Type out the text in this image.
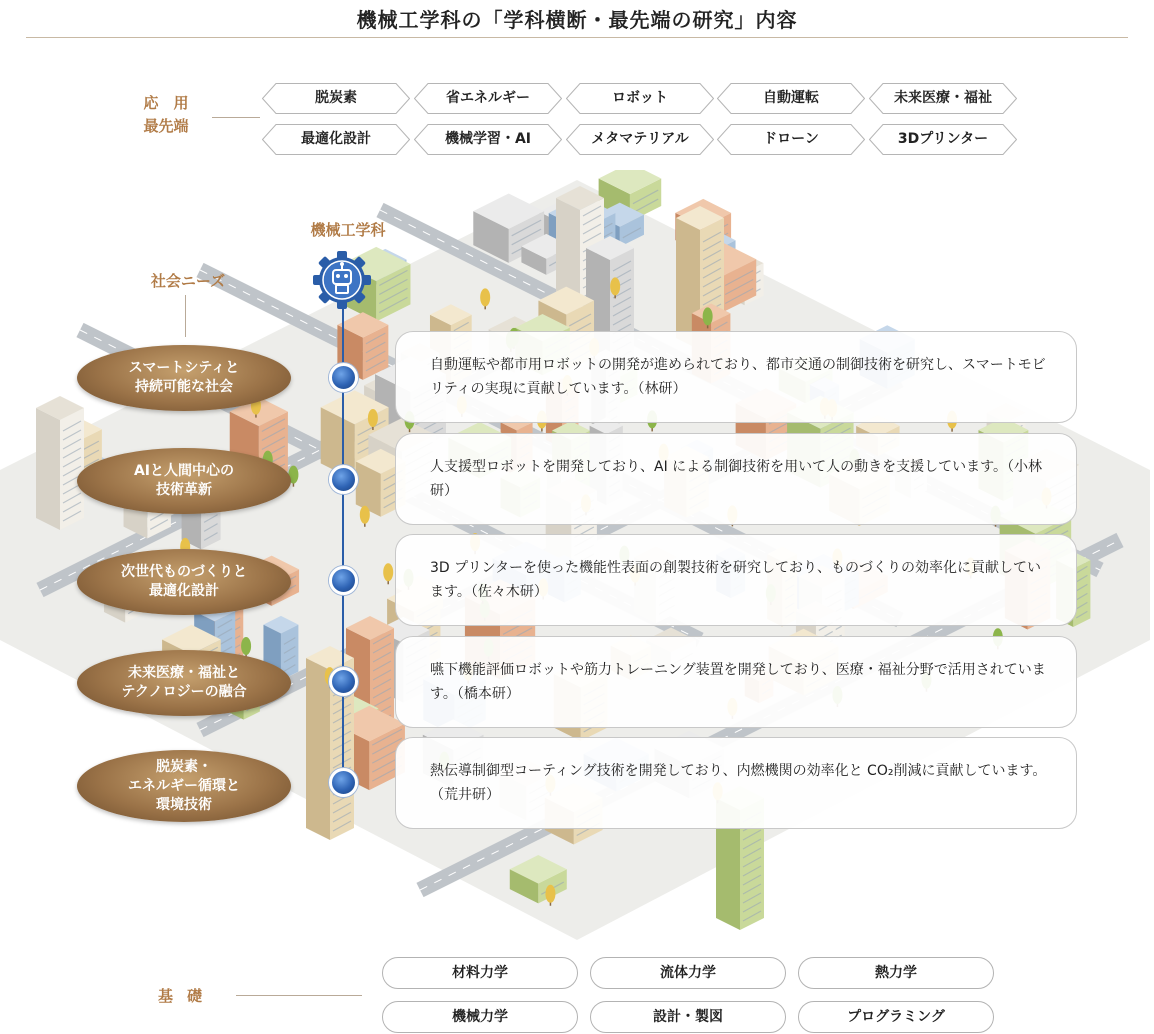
機械工学科の「学科横断・最先端の研究」内容
応　用
最先端
脱炭素	省エネルギー	ロボット	自動運転	未来医療・福祉
最適化設計	機械学習・AI	メタマテリアル	ドローン	3Dプリンター
機械工学科
社会ニーズ
スマートシティと
持続可能な社会
自動運転や都市用ロボットの開発が進められており、都市交通の制御技術を研究し、スマートモビリティの実現に貢献しています。（林研）
AIと人間中心の
技術革新
人支援型ロボットを開発しており、AI による制御技術を用いて人の動きを支援しています。（小林研）
次世代ものづくりと
最適化設計
3D プリンターを使った機能性表面の創製技術を研究しており、ものづくりの効率化に貢献しています。（佐々木研）
未来医療・福祉と
テクノロジーの融合
嚥下機能評価ロボットや筋力トレーニング装置を開発しており、医療・福祉分野で活用されています。（橋本研）
脱炭素・
エネルギー循環と
環境技術
熱伝導制御型コーティング技術を開発しており、内燃機関の効率化と CO₂削減に貢献しています。（荒井研）
基礎
材料力学	流体力学	熱力学
機械力学	設計・製図	プログラミング
